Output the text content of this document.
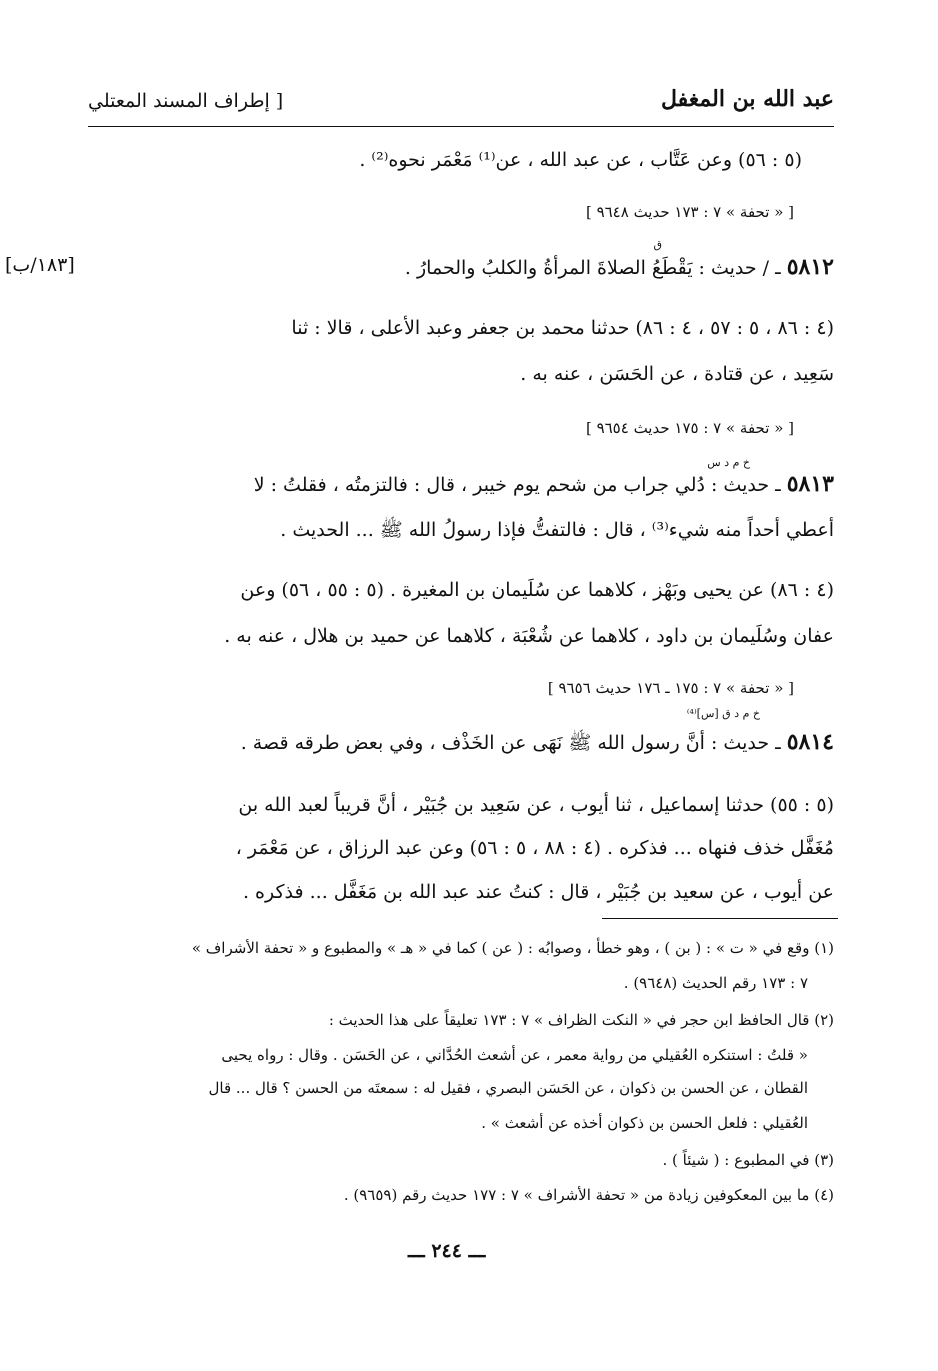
عبد الله بن المغفل
[ إطراف المسند المعتلي
(٥ : ٥٦) وعن عَتَّاب ، عن عبد الله ، عن⁽¹⁾ مَعْمَر نحوه⁽²⁾ .
[ « تحفة » ٧ : ١٧٣ حديث ٩٦٤٨ ]
[١٨٣/ب]	٥٨١٢ ـ / حديث : يَقْطَعُ الصلاةَ المرأةُ والكلبُ والحمارُ .
ق
(٤ : ٨٦ ، ٥ : ٥٧ ، ٤ : ٨٦) حدثنا محمد بن جعفر وعبد الأعلى ، قالا : ثنا
سَعِيد ، عن قتادة ، عن الحَسَن ، عنه به .
[ « تحفة » ٧ : ١٧٥ حديث ٩٦٥٤ ]
خ م د س
٥٨١٣ ـ حديث : دُلي جراب من شحم يوم خيبر ، قال : فالتزمتُه ، فقلتُ : لا
أعطي أحداً منه شيء⁽³⁾ ، قال : فالتفتُّ فإذا رسولُ الله ﷺ ... الحديث .
(٤ : ٨٦) عن يحيى وبَهْز ، كلاهما عن سُلَيمان بن المغيرة . (٥ : ٥٥ ، ٥٦) وعن
عفان وسُلَيمان بن داود ، كلاهما عن شُعْبَة ، كلاهما عن حميد بن هلال ، عنه به .
[ « تحفة » ٧ : ١٧٥ ـ ١٧٦ حديث ٩٦٥٦ ]
خ م د ق [س]⁽⁴⁾
٥٨١٤ ـ حديث : أنَّ رسول الله ﷺ نَهَى عن الخَذْف ، وفي بعض طرقه قصة .
(٥ : ٥٥) حدثنا إسماعيل ، ثنا أيوب ، عن سَعِيد بن جُبَيْر ، أنَّ قريباً لعبد الله بن
مُغَفَّل خذف فنهاه ... فذكره . (٤ : ٨٨ ، ٥ : ٥٦) وعن عبد الرزاق ، عن مَعْمَر ،
عن أيوب ، عن سعيد بن جُبَيْر ، قال : كنتُ عند عبد الله بن مَغَفَّل ... فذكره .
(١) وقع في « ت » : ( بن ) ، وهو خطأ ، وصوابُه : ( عن ) كما في « هـ » والمطبوع و « تحفة الأشراف »
٧ : ١٧٣ رقم الحديث (٩٦٤٨) .
(٢) قال الحافظ ابن حجر في « النكت الظراف » ٧ : ١٧٣ تعليقاً على هذا الحديث :
« قلتُ : استنكره العُقيلي من رواية معمر ، عن أشعث الحُدَّاني ، عن الحَسَن . وقال : رواه يحيى
القطان ، عن الحسن بن ذكوان ، عن الحَسَن البصري ، فقيل له : سمعتَه من الحسن ؟ قال ... قال
العُقيلي : فلعل الحسن بن ذكوان أخذه عن أشعث » .
(٣) في المطبوع : ( شيئاً ) .
(٤) ما بين المعكوفين زيادة من « تحفة الأشراف » ٧ : ١٧٧ حديث رقم (٩٦٥٩) .
ـــ ٢٤٤ ـــ
